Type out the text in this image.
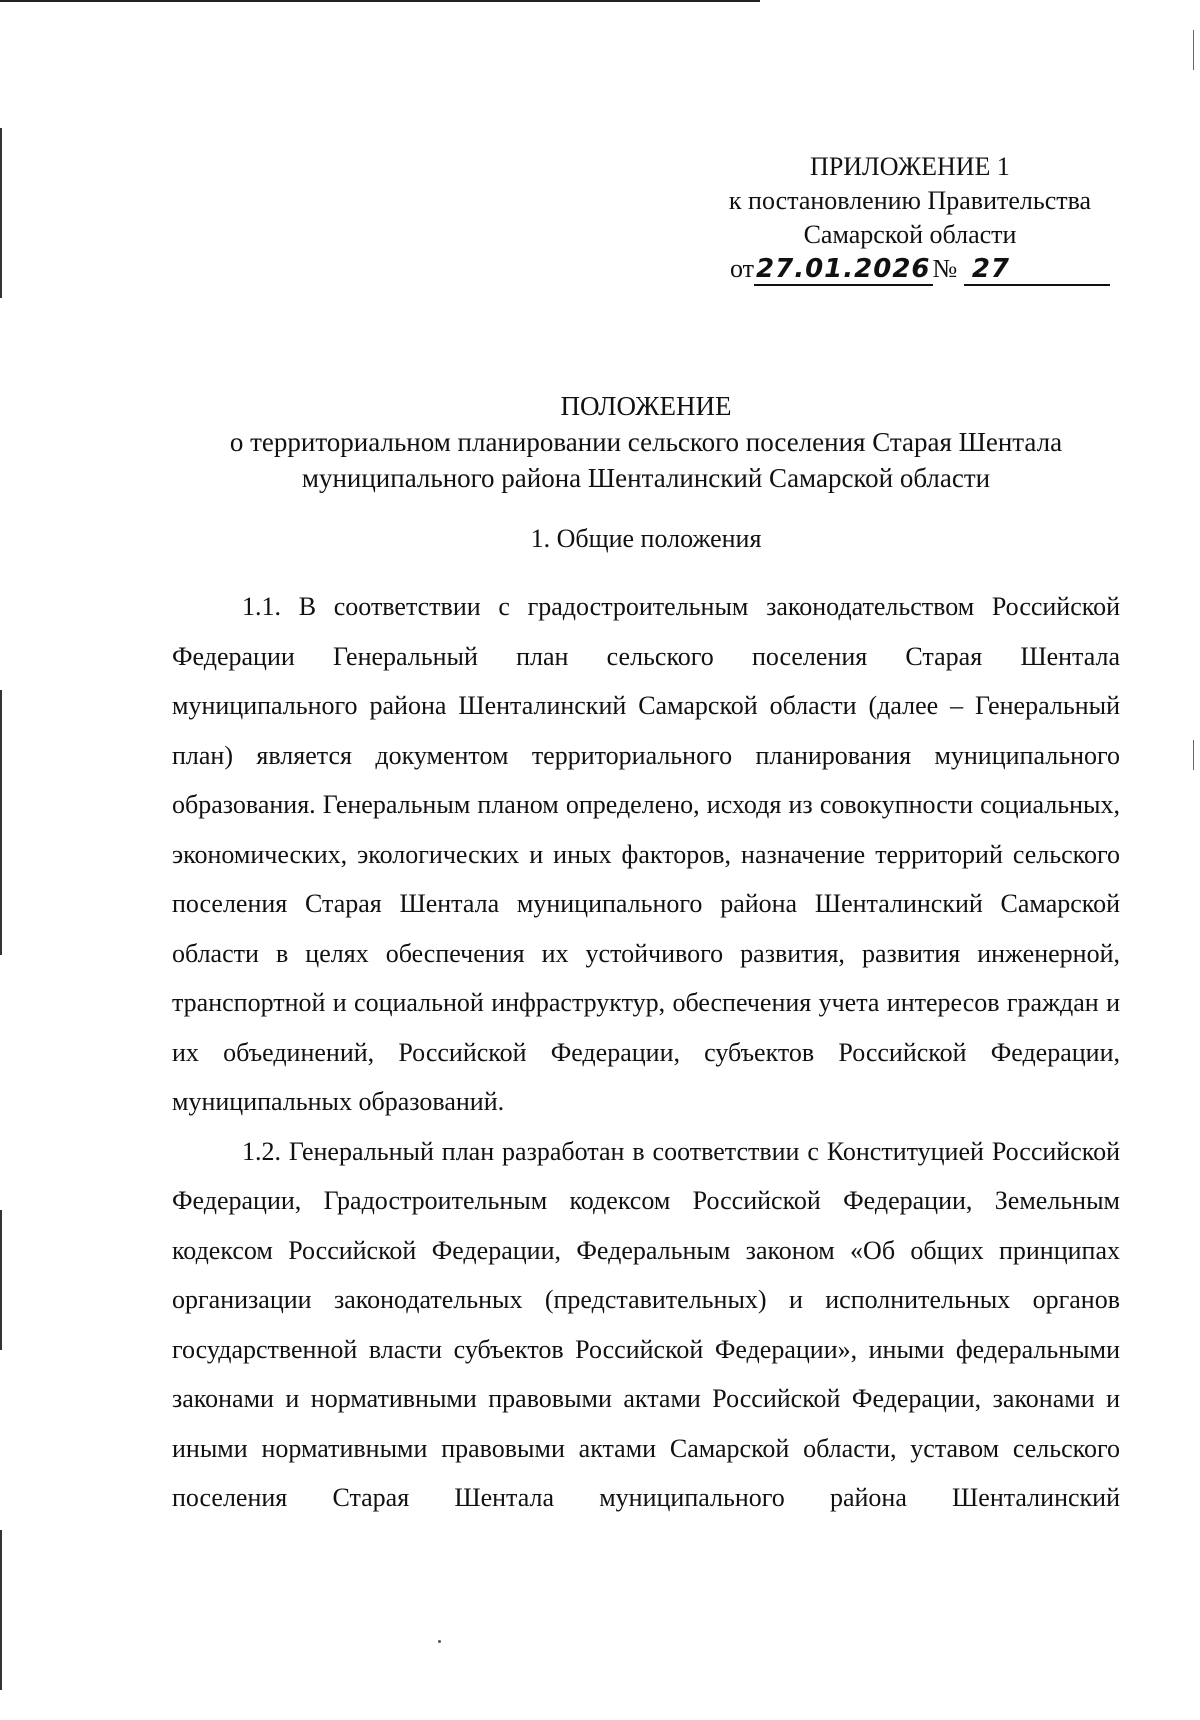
ПРИЛОЖЕНИЕ 1
к постановлению Правительства
Самарской области
от27.01.2026№ 27
ПОЛОЖЕНИЕ
о территориальном планировании сельского поселения Старая Шентала
муниципального района Шенталинский Самарской области
1. Общие положения

1.1. В соответствии с градостроительным законодательством Российской Федерации Генеральный план сельского поселения Старая Шентала муниципального района Шенталинский Самарской области (далее – Генеральный план) является документом территориального планирования муниципального образования. Генеральным планом определено, исходя из совокупности социальных, экономических, экологических и иных факторов, назначение территорий сельского поселения Старая Шентала муниципального района Шенталинский Самарской области в целях обеспечения их устойчивого развития, развития инженерной, транспортной и социальной инфраструктур, обеспечения учета интересов граждан и их объединений, Российской Федерации, субъектов Российской Федерации, муниципальных образований.

1.2. Генеральный план разработан в соответствии с Конституцией Российской Федерации, Градостроительным кодексом Российской Федерации, Земельным кодексом Российской Федерации, Федеральным законом «Об общих принципах организации законодательных (представительных) и исполнительных органов государственной власти субъектов Российской Федерации», иными федеральными законами и нормативными правовыми актами Российской Федерации, законами и иными нормативными правовыми актами Самарской области, уставом сельского поселения Старая Шентала муниципального района Шенталинский
